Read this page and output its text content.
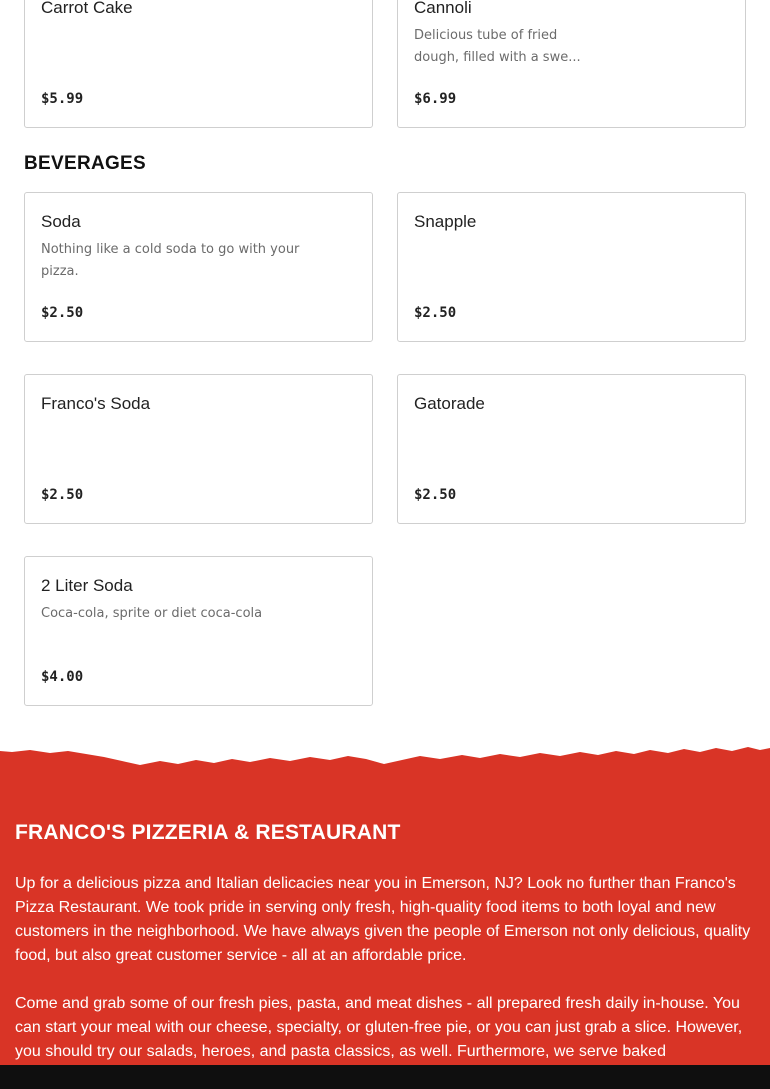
Carrot Cake
$5.99
Cannoli
Delicious tube of fried dough, filled with a swe...
$6.99
BEVERAGES
Soda
Nothing like a cold soda to go with your pizza.
$2.50
Snapple
$2.50
Franco's Soda
$2.50
Gatorade
$2.50
2 Liter Soda
Coca-cola, sprite or diet coca-cola
$4.00
FRANCO'S PIZZERIA & RESTAURANT

Up for a delicious pizza and Italian delicacies near you in Emerson, NJ? Look no further than Franco's Pizza Restaurant. We took pride in serving only fresh, high-quality food items to both loyal and new customers in the neighborhood. We have always given the people of Emerson not only delicious, quality food, but also great customer service - all at an affordable price.

Come and grab some of our fresh pies, pasta, and meat dishes - all prepared fresh daily in-house. You can start your meal with our cheese, specialty, or gluten-free pie, or you can just grab a slice. However, you should try our salads, heroes, and pasta classics, as well. Furthermore, we serve baked
